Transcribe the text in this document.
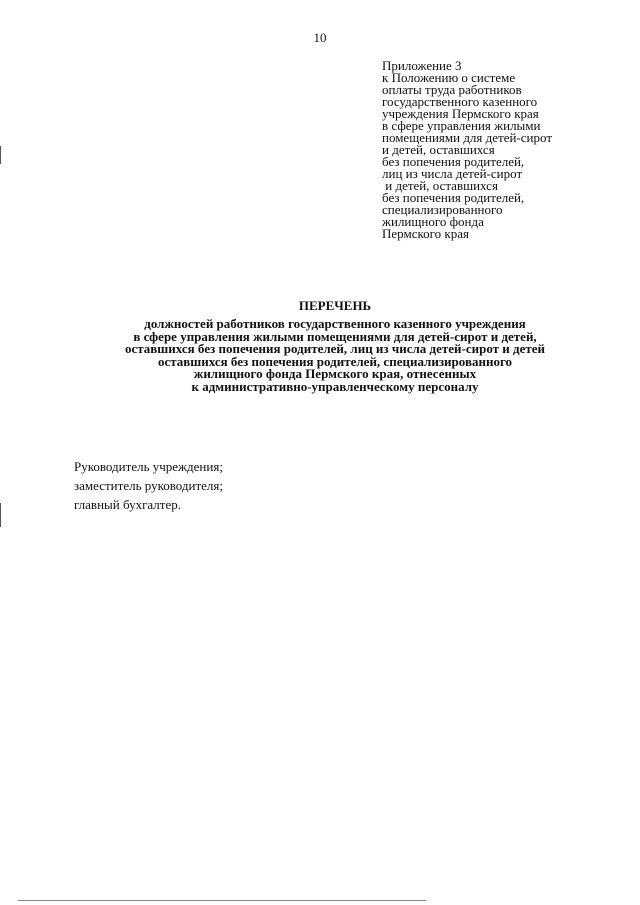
10
Приложение 3
к Положению о системе
оплаты труда работников
государственного казенного
учреждения Пермского края
в сфере управления жилыми
помещениями для детей-сирот
и детей, оставшихся
без попечения родителей,
лиц из числа детей-сирот
и детей, оставшихся
без попечения родителей,
специализированного
жилищного фонда
Пермского края
ПЕРЕЧЕНЬ
должностей работников государственного казенного учреждения
в сфере управления жилыми помещениями для детей-сирот и детей,
оставшихся без попечения родителей, лиц из числа детей-сирот и детей
оставшихся без попечения родителей, специализированного
жилищного фонда Пермского края, отнесенных
к административно-управленческому персоналу
Руководитель учреждения;
заместитель руководителя;
главный бухгалтер.
